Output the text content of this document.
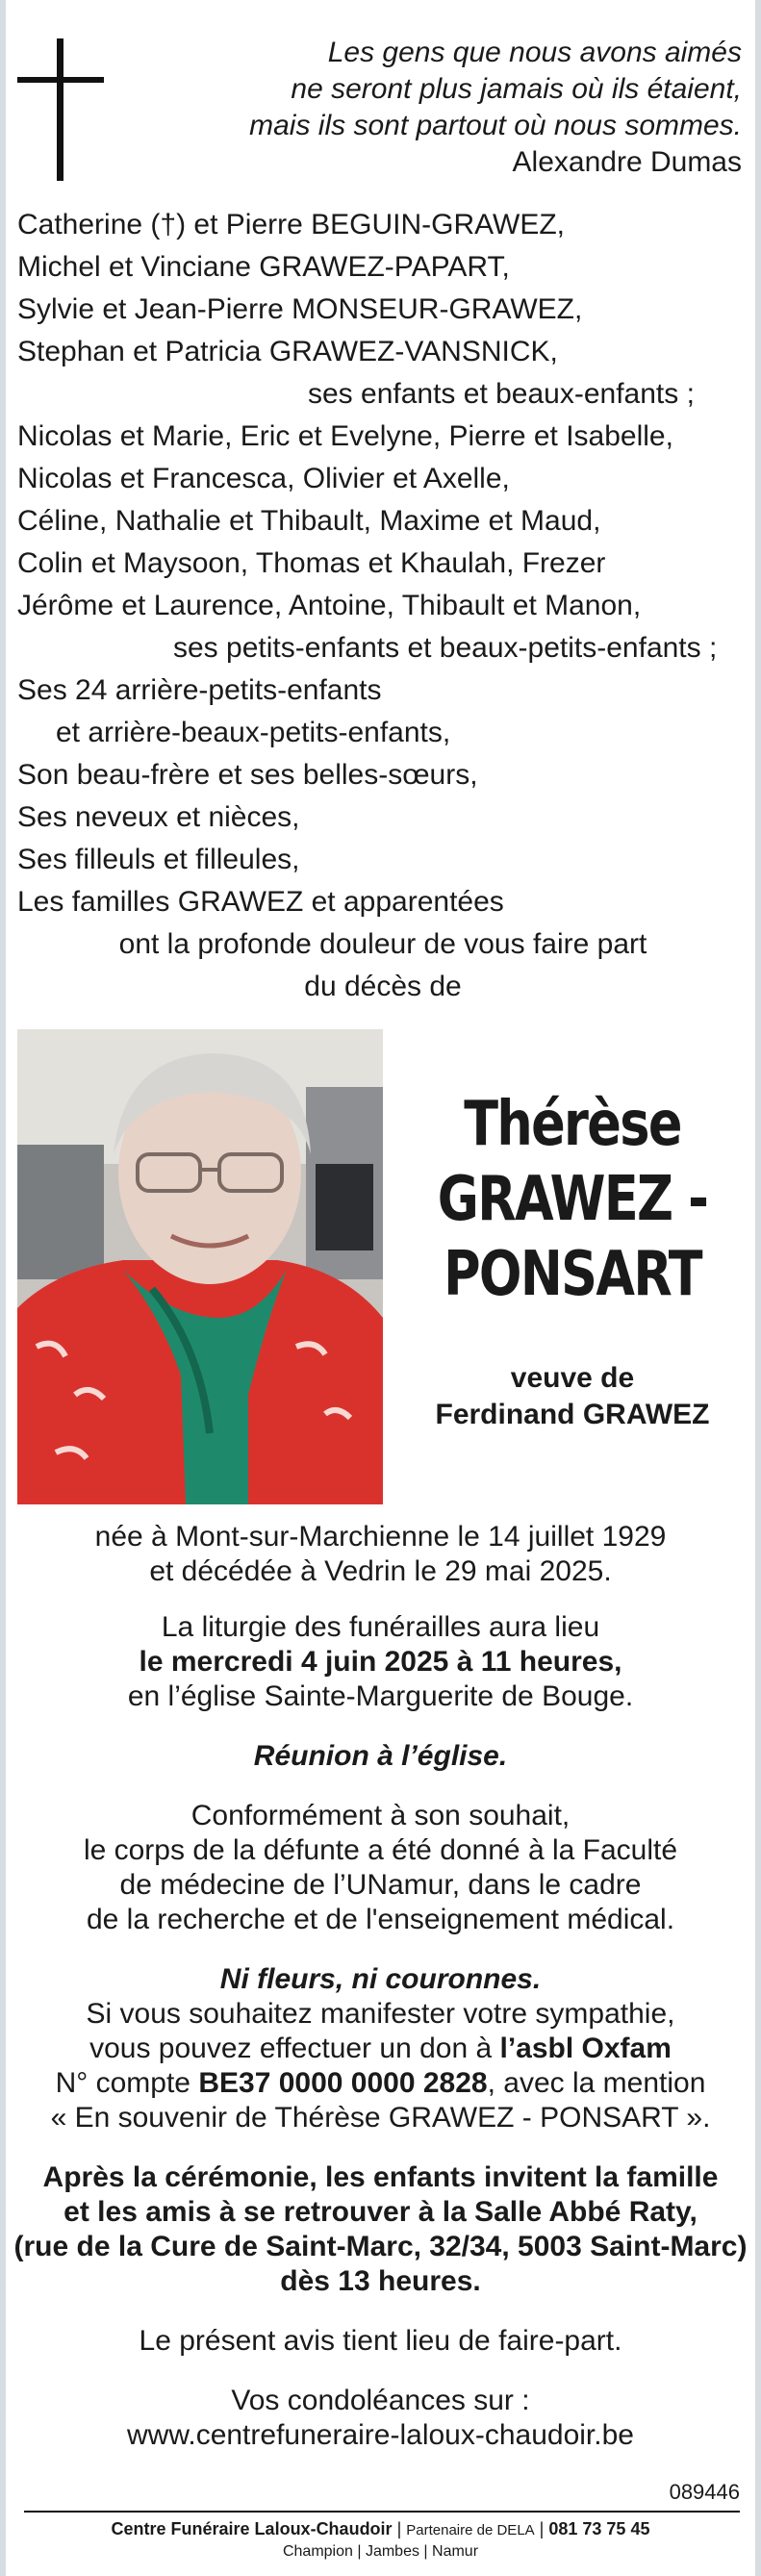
Les gens que nous avons aimés
ne seront plus jamais où ils étaient,
mais ils sont partout où nous sommes.
Alexandre Dumas
Catherine (†) et Pierre BEGUIN-GRAWEZ,
Michel et Vinciane GRAWEZ-PAPART,
Sylvie et Jean-Pierre MONSEUR-GRAWEZ,
Stephan et Patricia GRAWEZ-VANSNICK,
ses enfants et beaux-enfants ;
Nicolas et Marie, Eric et Evelyne, Pierre et Isabelle,
Nicolas et Francesca, Olivier et Axelle,
Céline, Nathalie et Thibault, Maxime et Maud,
Colin et Maysoon, Thomas et Khaulah, Frezer
Jérôme et Laurence, Antoine, Thibault et Manon,
ses petits-enfants et beaux-petits-enfants ;
Ses 24 arrière-petits-enfants
et arrière-beaux-petits-enfants,
Son beau-frère et ses belles-sœurs,
Ses neveux et nièces,
Ses filleuls et filleules,
Les familles GRAWEZ et apparentées
ont la profonde douleur de vous faire part
du décès de
Thérèse
GRAWEZ -
PONSART
veuve de
Ferdinand GRAWEZ

née à Mont-sur-Marchienne le 14 juillet 1929

et décédée à Vedrin le 29 mai 2025.

La liturgie des funérailles aura lieu

le mercredi 4 juin 2025 à 11 heures,

en l’église Sainte-Marguerite de Bouge.

Réunion à l’église.

Conformément à son souhait,

le corps de la défunte a été donné à la Faculté

de médecine de l’UNamur, dans le cadre

de la recherche et de l'enseignement médical.

Ni fleurs, ni couronnes.

Si vous souhaitez manifester votre sympathie,

vous pouvez effectuer un don à l’asbl Oxfam

N° compte BE37 0000 0000 2828, avec la mention

« En souvenir de Thérèse GRAWEZ - PONSART ».

Après la cérémonie, les enfants invitent la famille

et les amis à se retrouver à la Salle Abbé Raty,

(rue de la Cure de Saint-Marc, 32/34, 5003 Saint-Marc)

dès 13 heures.

Le présent avis tient lieu de faire-part.

Vos condoléances sur :

www.centrefuneraire-laloux-chaudoir.be

089446
Centre Funéraire Laloux-Chaudoir | Partenaire de DELA | 081 73 75 45
Champion | Jambes | Namur
